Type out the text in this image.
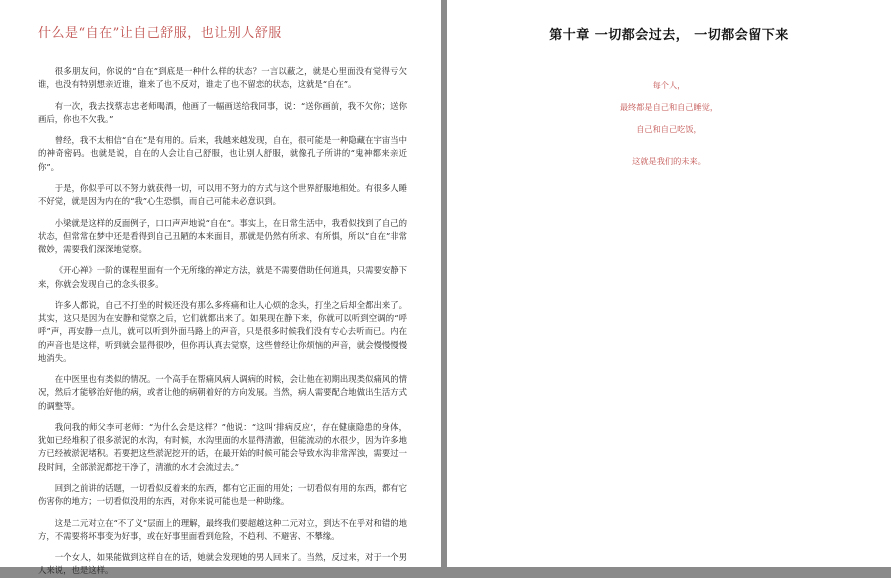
什么是“自在”让自己舒服，也让别人舒服

很多朋友问，你说的“自在”到底是一种什么样的状态？一言以蔽之，就是心里面没有觉得亏欠谁，也没有特别想亲近谁，谁来了也不反对，谁走了也不留恋的状态，这就是“自在”。

有一次，我去找蔡志忠老师喝酒，他画了一幅画送给我同事，说：“送你画前，我不欠你；送你画后，你也不欠我。”

曾经，我不太相信“自在”是有用的。后来，我越来越发现，自在，很可能是一种隐藏在宇宙当中的神奇密码。也就是说，自在的人会让自己舒服，也让别人舒服，就像孔子所讲的“鬼神都来亲近你”。

于是，你似乎可以不努力就获得一切，可以用不努力的方式与这个世界舒服地相处。有很多人睡不好觉，就是因为内在的“我”心生恐惧，而自己可能未必意识到。

小梁就是这样的反面例子，口口声声地说“自在”。事实上，在日常生活中，我看似找到了自己的状态，但常常在梦中还是看得到自己丑陋的本来面目，那就是仍然有所求、有所惧，所以“自在”非常微妙，需要我们深深地觉察。

《开心禅》一阶的课程里面有一个无所缘的禅定方法，就是不需要借助任何道具，只需要安静下来，你就会发现自己的念头很多。

许多人都说，自己不打坐的时候还没有那么多疼痛和让人心烦的念头，打坐之后却全都出来了。其实，这只是因为在安静和觉察之后，它们就都出来了。如果现在静下来，你就可以听到空调的“呼呼”声，再安静一点儿，就可以听到外面马路上的声音，只是很多时候我们没有专心去听而已。内在的声音也是这样，听到就会显得很吵，但你再认真去觉察，这些曾经让你烦恼的声音，就会慢慢慢慢地消失。

在中医里也有类似的情况。一个高手在帮痛风病人调病的时候，会让他在初期出现类似痛风的情况，然后才能够治好他的病，或者让他的病朝着好的方向发展。当然，病人需要配合地做出生活方式的调整等。

我问我的师父李可老师：“为什么会是这样？”他说：“这叫‘排病反应’，存在健康隐患的身体，犹如已经堆积了很多淤泥的水沟，有时候，水沟里面的水显得清澈，但能流动的水很少，因为许多地方已经被淤泥堵积。若要把这些淤泥挖开的话，在最开始的时候可能会导致水沟非常浑浊，需要过一段时间，全部淤泥都挖干净了，清澈的水才会流过去。”

回到之前讲的话题，一切看似反着来的东西，都有它正面的用处；一切看似有用的东西，都有它伤害你的地方；一切看似没用的东西，对你来说可能也是一种助缘。

这是二元对立在“不了义”层面上的理解，最终我们要超越这种二元对立，到达不在乎对和错的地方，不需要将坏事变为好事，或在好事里面看到危险，不趋利、不避害、不攀缘。

一个女人，如果能做到这样自在的话，她就会发现她的男人回来了。当然，反过来，对于一个男人来说，也是这样。

第十章 一切都会过去， 一切都会留下来

每个人，

最终都是自己和自己睡觉，

自己和自己吃饭，

这就是我们的未来。
